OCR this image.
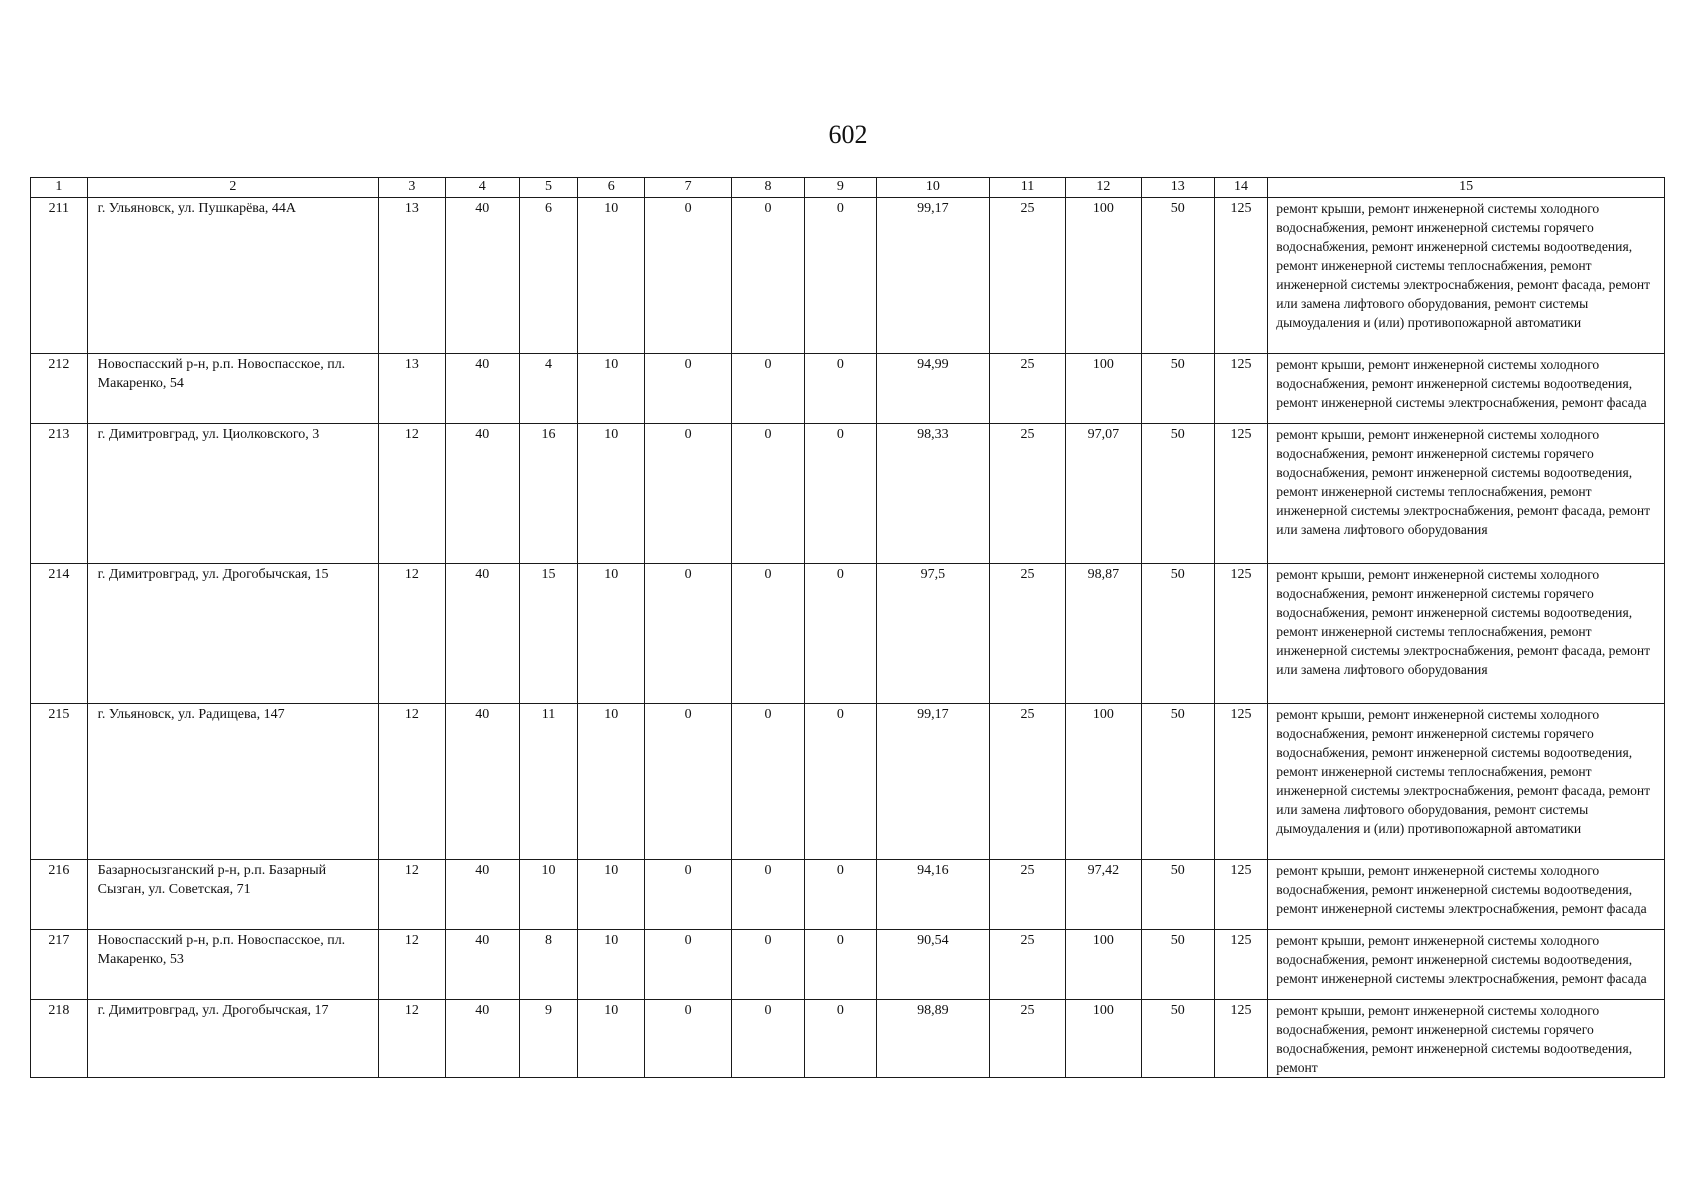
602
1	2	3	4	5	6	7	8	9	10	11	12	13	14	15
211	г. Ульяновск, ул. Пушкарёва, 44А	13	40	6	10	0	0	0	99,17	25	100	50	125	ремонт крыши, ремонт инженерной системы холодного водоснабжения, ремонт инженерной системы горячего водоснабжения, ремонт инженерной системы водоотведения, ремонт инженерной системы теплоснабжения, ремонт инженерной системы электроснабжения, ремонт фасада, ремонт или замена лифтового оборудования, ремонт системы дымоудаления и (или) противопожарной автоматики
212	Новоспасский р-н, р.п. Новоспасское, пл. Макаренко, 54	13	40	4	10	0	0	0	94,99	25	100	50	125	ремонт крыши, ремонт инженерной системы холодного водоснабжения, ремонт инженерной системы водоотведения, ремонт инженерной системы электроснабжения, ремонт фасада
213	г. Димитровград, ул. Циолковского, 3	12	40	16	10	0	0	0	98,33	25	97,07	50	125	ремонт крыши, ремонт инженерной системы холодного водоснабжения, ремонт инженерной системы горячего водоснабжения, ремонт инженерной системы водоотведения, ремонт инженерной системы теплоснабжения, ремонт инженерной системы электроснабжения, ремонт фасада, ремонт или замена лифтового оборудования
214	г. Димитровград, ул. Дрогобычская, 15	12	40	15	10	0	0	0	97,5	25	98,87	50	125	ремонт крыши, ремонт инженерной системы холодного водоснабжения, ремонт инженерной системы горячего водоснабжения, ремонт инженерной системы водоотведения, ремонт инженерной системы теплоснабжения, ремонт инженерной системы электроснабжения, ремонт фасада, ремонт или замена лифтового оборудования
215	г. Ульяновск, ул. Радищева, 147	12	40	11	10	0	0	0	99,17	25	100	50	125	ремонт крыши, ремонт инженерной системы холодного водоснабжения, ремонт инженерной системы горячего водоснабжения, ремонт инженерной системы водоотведения, ремонт инженерной системы теплоснабжения, ремонт инженерной системы электроснабжения, ремонт фасада, ремонт или замена лифтового оборудования, ремонт системы дымоудаления и (или) противопожарной автоматики
216	Базарносызганский р-н, р.п. Базарный Сызган, ул. Советская, 71	12	40	10	10	0	0	0	94,16	25	97,42	50	125	ремонт крыши, ремонт инженерной системы холодного водоснабжения, ремонт инженерной системы водоотведения, ремонт инженерной системы электроснабжения, ремонт фасада
217	Новоспасский р-н, р.п. Новоспасское, пл. Макаренко, 53	12	40	8	10	0	0	0	90,54	25	100	50	125	ремонт крыши, ремонт инженерной системы холодного водоснабжения, ремонт инженерной системы водоотведения, ремонт инженерной системы электроснабжения, ремонт фасада
218	г. Димитровград, ул. Дрогобычская, 17	12	40	9	10	0	0	0	98,89	25	100	50	125	ремонт крыши, ремонт инженерной системы холодного водоснабжения, ремонт инженерной системы горячего водоснабжения, ремонт инженерной системы водоотведения, ремонт
